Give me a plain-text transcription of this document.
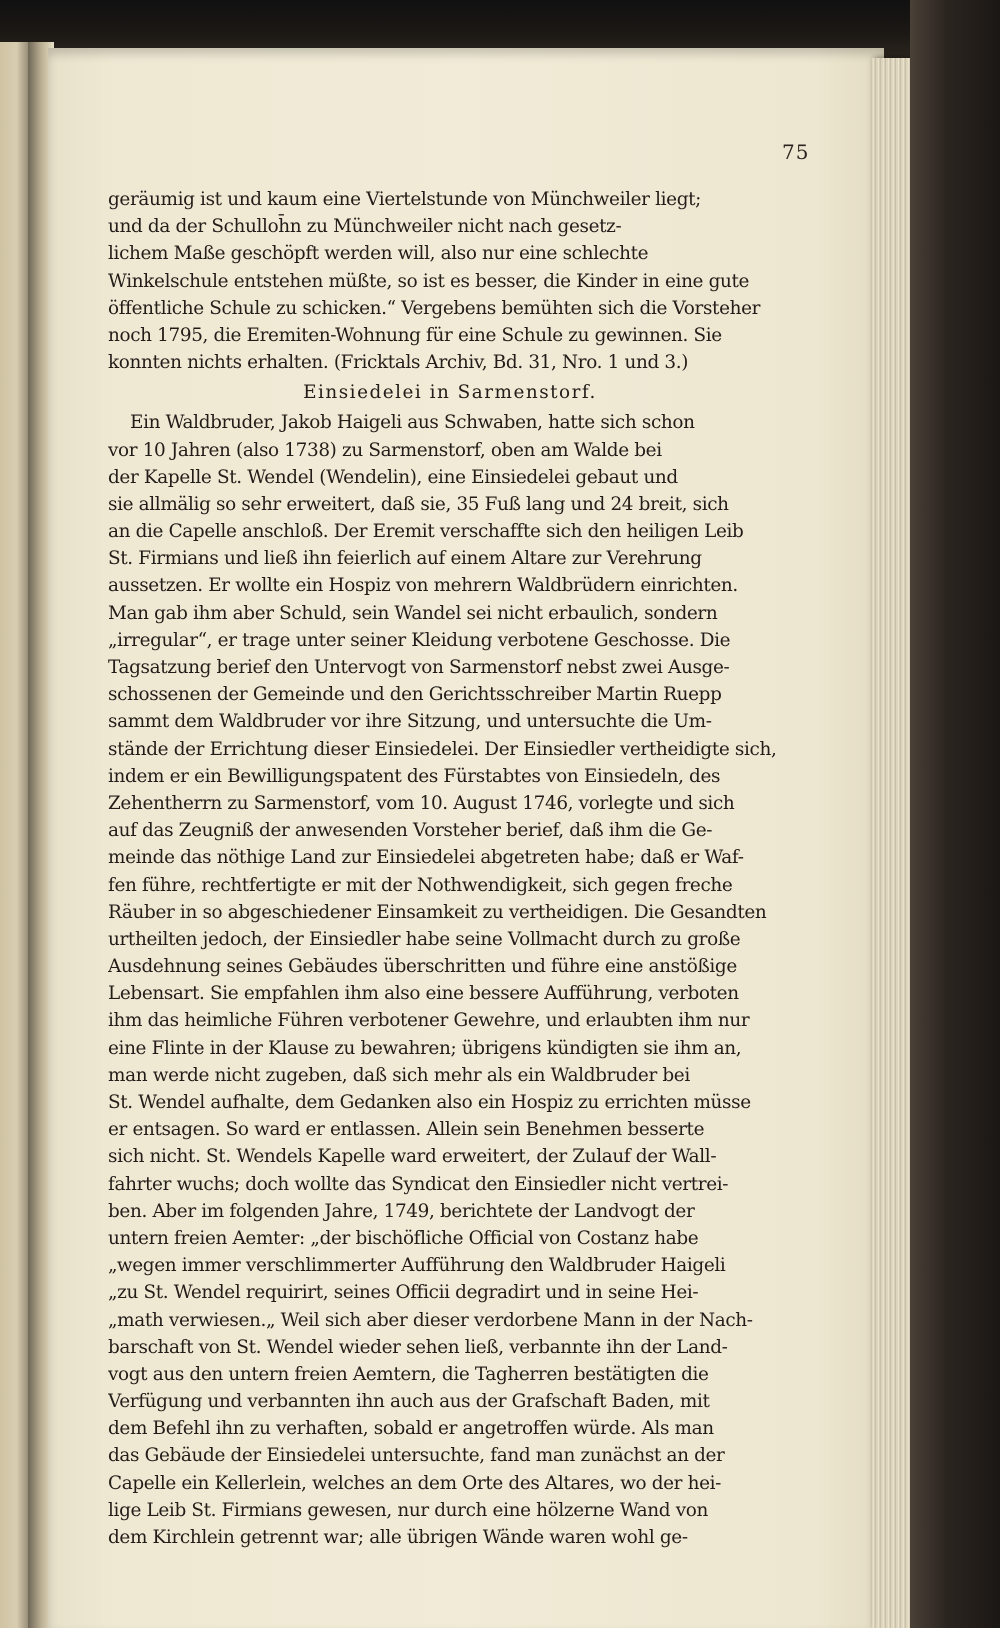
75
geräumig ist und kaum eine Viertelstunde von Münchweiler liegt;
und da der Schulloh̄n zu Münchweiler nicht nach gesetz-
lichem Maße geschöpft werden will, also nur eine schlechte
Winkelschule entstehen müßte, so ist es besser, die Kinder in eine gute
öffentliche Schule zu schicken.“ Vergebens bemühten sich die Vorsteher
noch 1795, die Eremiten-Wohnung für eine Schule zu gewinnen. Sie
konnten nichts erhalten. (Fricktals Archiv, Bd. 31, Nro. 1 und 3.)
Einsiedelei in Sarmenstorf.
Ein Waldbruder, Jakob Haigeli aus Schwaben, hatte sich schon
vor 10 Jahren (also 1738) zu Sarmenstorf, oben am Walde bei
der Kapelle St. Wendel (Wendelin), eine Einsiedelei gebaut und
sie allmälig so sehr erweitert, daß sie, 35 Fuß lang und 24 breit, sich
an die Capelle anschloß. Der Eremit verschaffte sich den heiligen Leib
St. Firmians und ließ ihn feierlich auf einem Altare zur Verehrung
aussetzen. Er wollte ein Hospiz von mehrern Waldbrüdern einrichten.
Man gab ihm aber Schuld, sein Wandel sei nicht erbaulich, sondern
„irregular“, er trage unter seiner Kleidung verbotene Geschosse. Die
Tagsatzung berief den Untervogt von Sarmenstorf nebst zwei Ausge-
schossenen der Gemeinde und den Gerichtsschreiber Martin Ruepp
sammt dem Waldbruder vor ihre Sitzung, und untersuchte die Um-
stände der Errichtung dieser Einsiedelei. Der Einsiedler vertheidigte sich,
indem er ein Bewilligungspatent des Fürstabtes von Einsiedeln, des
Zehentherrn zu Sarmenstorf, vom 10. August 1746, vorlegte und sich
auf das Zeugniß der anwesenden Vorsteher berief, daß ihm die Ge-
meinde das nöthige Land zur Einsiedelei abgetreten habe; daß er Waf-
fen führe, rechtfertigte er mit der Nothwendigkeit, sich gegen freche
Räuber in so abgeschiedener Einsamkeit zu vertheidigen. Die Gesandten
urtheilten jedoch, der Einsiedler habe seine Vollmacht durch zu große
Ausdehnung seines Gebäudes überschritten und führe eine anstößige
Lebensart. Sie empfahlen ihm also eine bessere Aufführung, verboten
ihm das heimliche Führen verbotener Gewehre, und erlaubten ihm nur
eine Flinte in der Klause zu bewahren; übrigens kündigten sie ihm an,
man werde nicht zugeben, daß sich mehr als ein Waldbruder bei
St. Wendel aufhalte, dem Gedanken also ein Hospiz zu errichten müsse
er entsagen. So ward er entlassen. Allein sein Benehmen besserte
sich nicht. St. Wendels Kapelle ward erweitert, der Zulauf der Wall-
fahrter wuchs; doch wollte das Syndicat den Einsiedler nicht vertrei-
ben. Aber im folgenden Jahre, 1749, berichtete der Landvogt der
untern freien Aemter: „der bischöfliche Official von Costanz habe
„wegen immer verschlimmerter Aufführung den Waldbruder Haigeli
„zu St. Wendel requirirt, seines Officii degradirt und in seine Hei-
„math verwiesen.„ Weil sich aber dieser verdorbene Mann in der Nach-
barschaft von St. Wendel wieder sehen ließ, verbannte ihn der Land-
vogt aus den untern freien Aemtern, die Tagherren bestätigten die
Verfügung und verbannten ihn auch aus der Grafschaft Baden, mit
dem Befehl ihn zu verhaften, sobald er angetroffen würde. Als man
das Gebäude der Einsiedelei untersuchte, fand man zunächst an der
Capelle ein Kellerlein, welches an dem Orte des Altares, wo der hei-
lige Leib St. Firmians gewesen, nur durch eine hölzerne Wand von
dem Kirchlein getrennt war; alle übrigen Wände waren wohl ge-
